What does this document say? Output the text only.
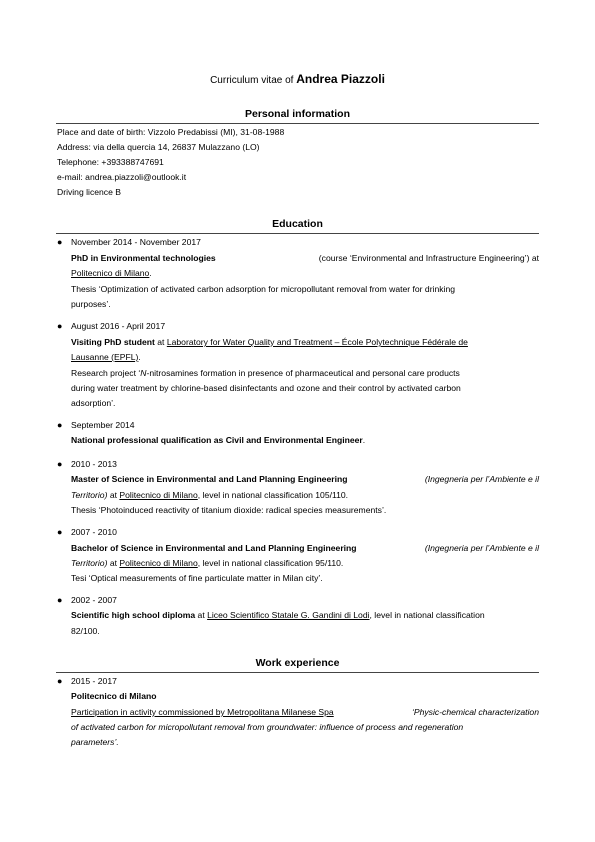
Curriculum vitae of Andrea Piazzoli
Personal information
Place and date of birth: Vizzolo Predabissi (MI), 31-08-1988
Address: via della quercia 14, 26837 Mulazzano (LO)
Telephone: +393388747691
e-mail: andrea.piazzoli@outlook.it
Driving licence B
Education
● November 2014 - November 2017
PhD in Environmental technologies	(course ‘Environmental and Infrastructure Engineering’) at
Politecnico di Milano.
Thesis ‘Optimization of activated carbon adsorption for micropollutant removal from water for drinking
purposes’.
● August 2016 - April 2017
Visiting PhD student at Laboratory for Water Quality and Treatment – École Polytechnique Fédérale de
Lausanne (EPFL).
Research project ‘N-nitrosamines formation in presence of pharmaceutical and personal care products
during water treatment by chlorine-based disinfectants and ozone and their control by activated carbon
adsorption’.
● September 2014
National professional qualification as Civil and Environmental Engineer.
● 2010 - 2013
Master of Science in Environmental and Land Planning Engineering	(Ingegneria per l’Ambiente e il
Territorio) at Politecnico di Milano, level in national classification 105/110.
Thesis ‘Photoinduced reactivity of titanium dioxide: radical species measurements’.
● 2007 - 2010
Bachelor of Science in Environmental and Land Planning Engineering	(Ingegneria per l’Ambiente e il
Territorio) at Politecnico di Milano, level in national classification 95/110.
Tesi ‘Optical measurements of fine particulate matter in Milan city’.
● 2002 - 2007
Scientific high school diploma at Liceo Scientifico Statale G. Gandini di Lodi, level in national classification
82/100.
Work experience
● 2015 - 2017
Politecnico di Milano
Participation in activity commissioned by Metropolitana Milanese Spa	‘Physic-chemical characterization
of activated carbon for micropollutant removal from groundwater: influence of process and regeneration
parameters’.
